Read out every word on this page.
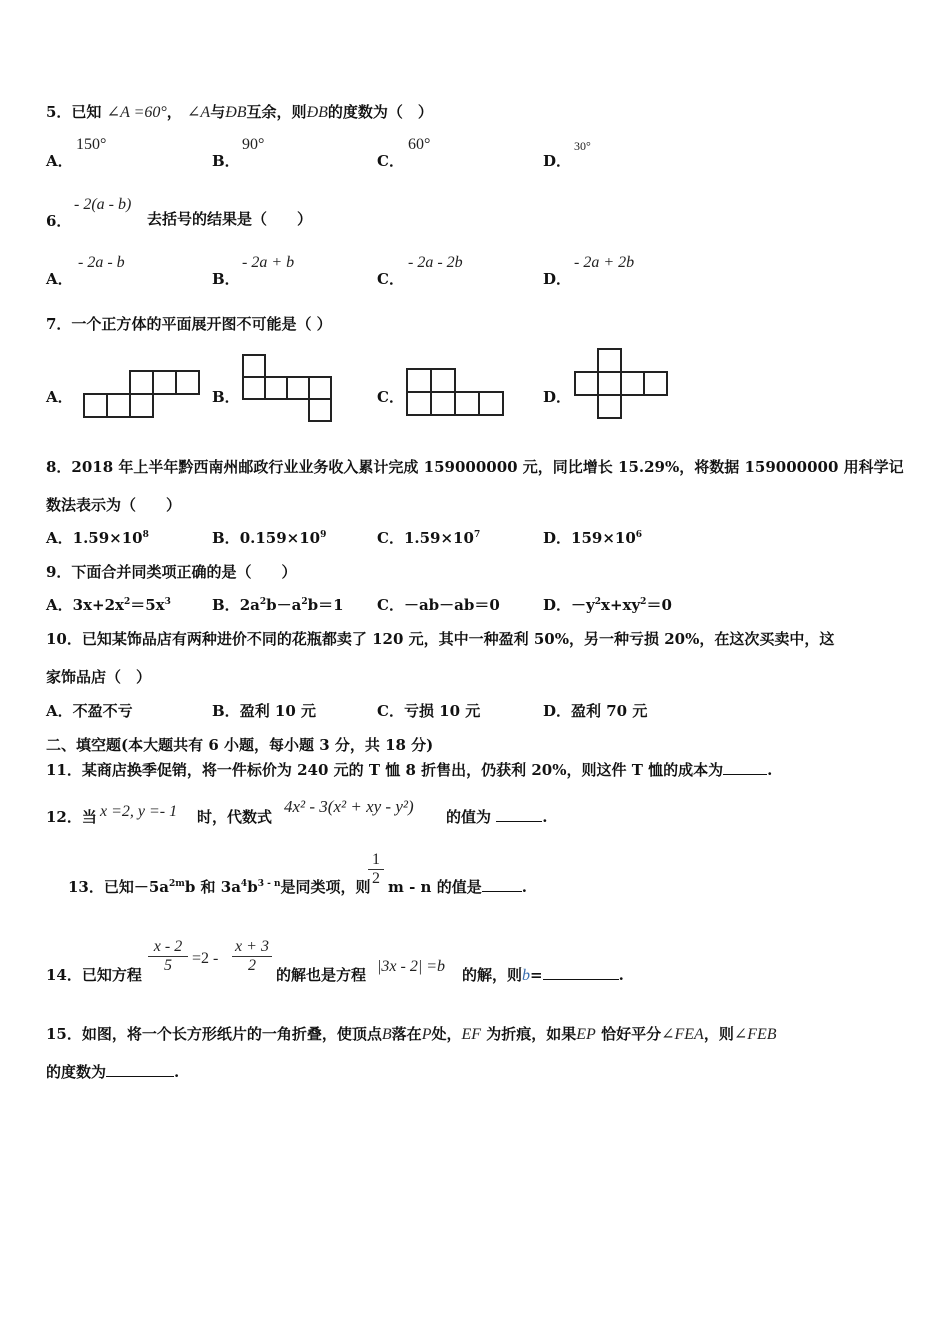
5．已知 ∠A =60°， ∠A与ÐB互余，则ÐB的度数为（　）
A．
150°
B．
90°
C．
60°
D．
30°
6．
- 2(a - b)
去括号的结果是（　　）
A．
- 2a - b
B．
- 2a + b
C．
- 2a - 2b
D．
- 2a + 2b
7．一个正方体的平面展开图不可能是（ ）
A．	B．	C．	D．
8．2018 年上半年黔西南州邮政行业业务收入累计完成 159000000 元，同比增长 15.29%，将数据 159000000 用科学记
数法表示为（　　）
A．$1.59\times 10^8$	B．$0.159\times 10^9$	C．$1.59\times 10^7$	D．$159\times 10^6$
9．下面合并同类项正确的是（　　）
A．$3x+2x^2=5x^3$	B．$2a^2b-a^2b=1$ C．－ab－ab＝0	D．$-y^2x+xy^2=0$
10．已知某饰品店有两种进价不同的花瓶都卖了 120 元，其中一种盈利 50%，另一种亏损 20%，在这次买卖中，这
家饰品店（　）
A．不盈不亏	B．盈利 10 元	C．亏损 10 元	D．盈利 70 元
二、填空题(本大题共有 6 小题，每小题 3 分，共 18 分)
11．某商店换季促销，将一件标价为 240 元的 T 恤 8 折售出，仍获利 20%，则这件 T 恤的成本为	.
12．当 x =2, y =- 1 时，代数式
4x² - 3(x² + xy - y²)
的值为	.
13．已知$-5a^{2m}b$ 和 $3a^4b^{3 - n}$是同类项，则
$\frac{1}{2}$ m - n 的值是	.
14．已知方程 $\frac{x - 2}{5} =2 - \frac{x + 3}{2}$ 的解也是方程 |3x - 2| =b 的解，则b=	.
15．如图，将一个长方形纸片的一角折叠，使顶点B落在P处，EF 为折痕，如果EP 恰好平分∠FEA，则∠FEB
的度数为	.
